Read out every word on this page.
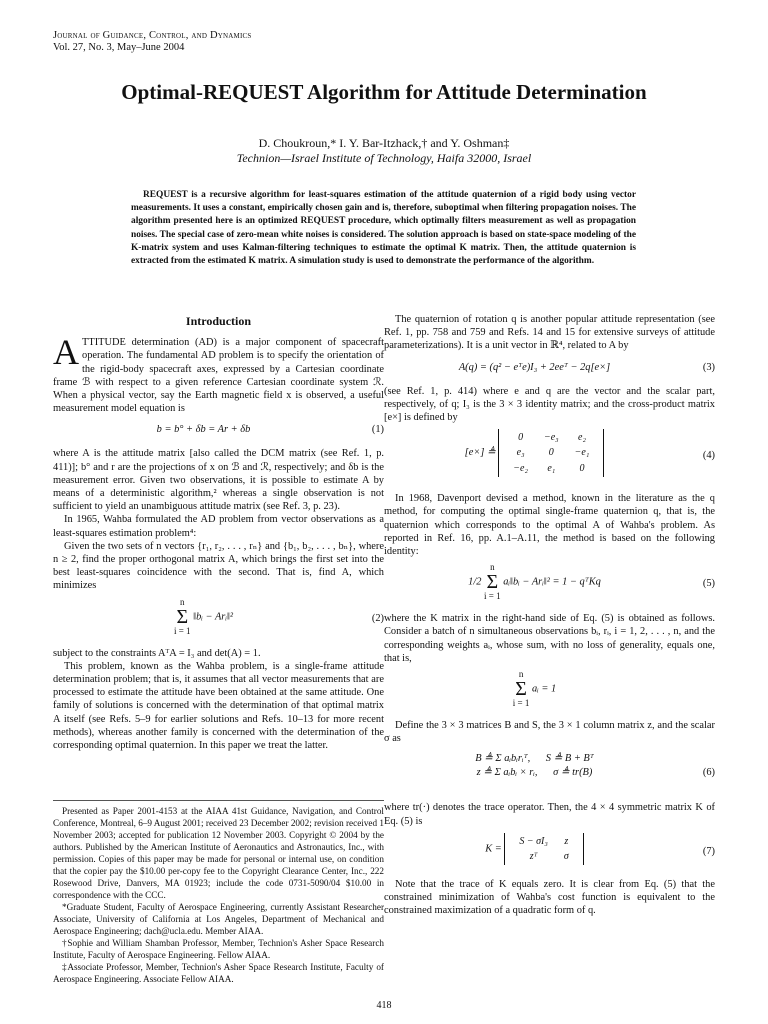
Journal of Guidance, Control, and Dynamics
Vol. 27, No. 3, May–June 2004
Optimal-REQUEST Algorithm for Attitude Determination
D. Choukroun,* I. Y. Bar-Itzhack,† and Y. Oshman‡
Technion—Israel Institute of Technology, Haifa 32000, Israel
REQUEST is a recursive algorithm for least-squares estimation of the attitude quaternion of a rigid body using vector measurements. It uses a constant, empirically chosen gain and is, therefore, suboptimal when filtering propagation noises. The algorithm presented here is an optimized REQUEST procedure, which optimally filters measurement as well as propagation noises. The special case of zero-mean white noises is considered. The solution approach is based on state-space modeling of the K-matrix system and uses Kalman-filtering techniques to estimate the optimal K matrix. Then, the attitude quaternion is extracted from the estimated K matrix. A simulation study is used to demonstrate the performance of the algorithm.
Introduction

ATTITUDE determination (AD) is a major component of spacecraft operation. The fundamental AD problem is to specify the orientation of the rigid-body spacecraft axes, expressed by a Cartesian coordinate frame ℬ with respect to a given reference Cartesian coordinate system ℛ. When a physical vector, say the Earth magnetic field x is observed, a useful measurement model equation is

b = b° + δb = Ar + δb	(1)

where A is the attitude matrix [also called the DCM matrix (see Ref. 1, p. 411)]; b° and r are the projections of x on ℬ and ℛ, respectively; and δb is the measurement error. Given two observations, it is possible to estimate A by means of a deterministic algorithm,² whereas a single observation is not sufficient to yield an unambiguous attitude matrix (see Ref. 3, p. 23).

In 1965, Wahba formulated the AD problem from vector observations as a least-squares estimation problem⁴:

Given the two sets of n vectors {r₁, r₂, . . . , rₙ} and {b₁, b₂, . . . , bₙ}, where n ≥ 2, find the proper orthogonal matrix A, which brings the first set into the best least-squares coincidence with the second. That is, find A, which minimizes

n
Σ
i = 1 ‖bᵢ − Arᵢ‖²	(2)

subject to the constraints AᵀA = I₃ and det(A) = 1.

This problem, known as the Wahba problem, is a single-frame attitude determination problem; that is, it assumes that all vector measurements that are processed to estimate the attitude have been obtained at the same attitude. One family of solutions is concerned with the determination of that optimal matrix A itself (see Refs. 5–9 for earlier solutions and Refs. 10–13 for more recent methods), whereas another family is concerned with the determination of the corresponding optimal quaternion. In this paper we treat the latter.

Presented as Paper 2001-4153 at the AIAA 41st Guidance, Navigation, and Control Conference, Montreal, 6–9 August 2001; received 23 December 2002; revision received 1 November 2003; accepted for publication 12 November 2003. Copyright © 2004 by the authors. Published by the American Institute of Aeronautics and Astronautics, Inc., with permission. Copies of this paper may be made for personal or internal use, on condition that the copier pay the $10.00 per-copy fee to the Copyright Clearance Center, Inc., 222 Rosewood Drive, Danvers, MA 01923; include the code 0731-5090/04 $10.00 in correspondence with the CCC.

*Graduate Student, Faculty of Aerospace Engineering, currently Assistant Researcher Associate, University of California at Los Angeles, Department of Mechanical and Aerospace Engineering; dach@ucla.edu. Member AIAA.

†Sophie and William Shamban Professor, Member, Technion's Asher Space Research Institute, Faculty of Aerospace Engineering. Fellow AIAA.

‡Associate Professor, Member, Technion's Asher Space Research Institute, Faculty of Aerospace Engineering. Associate Fellow AIAA.

The quaternion of rotation q is another popular attitude representation (see Ref. 1, pp. 758 and 759 and Refs. 14 and 15 for extensive surveys of attitude parameterizations). It is a unit vector in ℝ⁴, related to A by

A(q) = (q² − eᵀe)I₃ + 2eeᵀ − 2q[e×]	(3)

(see Ref. 1, p. 414) where e and q are the vector and the scalar part, respectively, of q; I₃ is the 3 × 3 identity matrix; and the cross-product matrix [e×] is defined by

[e×] ≜
0	−e₃	e₂
e₃	0	−e₁
−e₂	e₁	0
(4)

In 1968, Davenport devised a method, known in the literature as the q method, for computing the optimal single-frame quaternion q, that is, the quaternion which corresponds to the optimal A of Wahba's problem. As reported in Ref. 16, pp. A.1–A.11, the method is based on the following identity:

1/2 n
Σ
i = 1 aᵢ‖bᵢ − Arᵢ‖² = 1 − qᵀKq	(5)

where the K matrix in the right-hand side of Eq. (5) is obtained as follows. Consider a batch of n simultaneous observations bᵢ, rᵢ, i = 1, 2, . . . , n, and the corresponding weights aᵢ, whose sum, with no loss of generality, equals one, that is,

n
Σ
i = 1 aᵢ = 1

Define the 3 × 3 matrices B and S, the 3 × 1 column matrix z, and the scalar σ as

B ≜ Σ aᵢbᵢrᵢᵀ, S ≜ B + Bᵀ
z ≜ Σ aᵢbᵢ × rᵢ, σ ≜ tr(B)	(6)

where tr(·) denotes the trace operator. Then, the 4 × 4 symmetric matrix K of Eq. (5) is

K =
S − σI₃	z
zᵀ	σ	(7)

Note that the trace of K equals zero. It is clear from Eq. (5) that the constrained minimization of Wahba's cost function is equivalent to the constrained maximization of a quadratic form of q.

418
